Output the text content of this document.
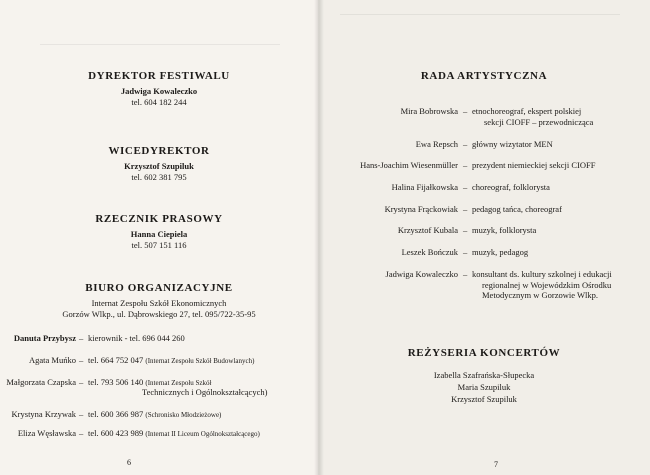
DYREKTOR FESTIWALU
Jadwiga Kowaleczko
tel. 604 182 244
WICEDYREKTOR
Krzysztof Szupiluk
tel. 602 381 795
RZECZNIK PRASOWY
Hanna Ciepiela
tel. 507 151 116
BIURO ORGANIZACYJNE
Internat Zespołu Szkół Ekonomicznych
Gorzów Wlkp., ul. Dąbrowskiego 27, tel. 095/722-35-95
Danuta Przybysz – kierownik - tel. 696 044 260
Agata Muńko – tel. 664 752 047 (Internat Zespołu Szkół Budowlanych)
Małgorzata Czapska – tel. 793 506 140 (Internat Zespołu Szkół
Technicznych i Ogólnokształcących)
Krystyna Krzywak – tel. 600 366 987 (Schronisko Młodzieżowe)
Eliza Węsławska – tel. 600 423 989 (Internat II Liceum Ogólnokształcącego)
6
RADA ARTYSTYCZNA
Mira Bobrowska – etnochoreograf, ekspert polskiej
sekcji CIOFF – przewodnicząca
Ewa Repsch – główny wizytator MEN
Hans-Joachim Wiesenmüller – prezydent niemieckiej sekcji CIOFF
Halina Fijałkowska – choreograf, folklorysta
Krystyna Frąckowiak – pedagog tańca, choreograf
Krzysztof Kubala – muzyk, folklorysta
Leszek Bończuk – muzyk, pedagog
Jadwiga Kowaleczko – konsultant ds. kultury szkolnej i edukacji
regionalnej w Wojewódzkim Ośrodku
Metodycznym w Gorzowie Wlkp.
REŻYSERIA KONCERTÓW
Izabella Szafrańska-Słupecka
Maria Szupiluk
Krzysztof Szupiluk
7
